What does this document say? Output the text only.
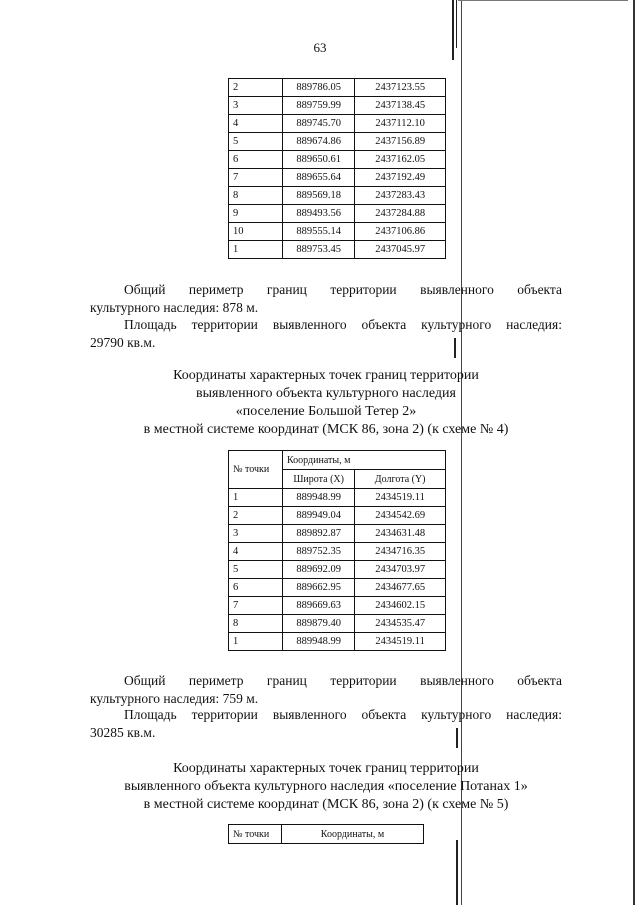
63
2	889786.05	2437123.55
3	889759.99	2437138.45
4	889745.70	2437112.10
5	889674.86	2437156.89
6	889650.61	2437162.05
7	889655.64	2437192.49
8	889569.18	2437283.43
9	889493.56	2437284.88
10	889555.14	2437106.86
1	889753.45	2437045.97
Общий периметр границ территории выявленного объекта
культурного наследия: 878 м.
Площадь территории выявленного объекта культурного наследия:
29790 кв.м.
Координаты характерных точек границ территории
выявленного объекта культурного наследия
«поселение Большой Тетер 2»
в местной системе координат (МСК 86, зона 2) (к схеме № 4)
№ точки	Координаты, м	
	Широта (X)	Долгота (Y)
1	889948.99	2434519.11
2	889949.04	2434542.69
3	889892.87	2434631.48
4	889752.35	2434716.35
5	889692.09	2434703.97
6	889662.95	2434677.65
7	889669.63	2434602.15
8	889879.40	2434535.47
1	889948.99	2434519.11
Общий периметр границ территории выявленного объекта
культурного наследия: 759 м.
Площадь территории выявленного объекта культурного наследия:
30285 кв.м.
Координаты характерных точек границ территории
выявленного объекта культурного наследия «поселение Потанах 1»
в местной системе координат (МСК 86, зона 2) (к схеме № 5)
№ точки	Координаты, м
